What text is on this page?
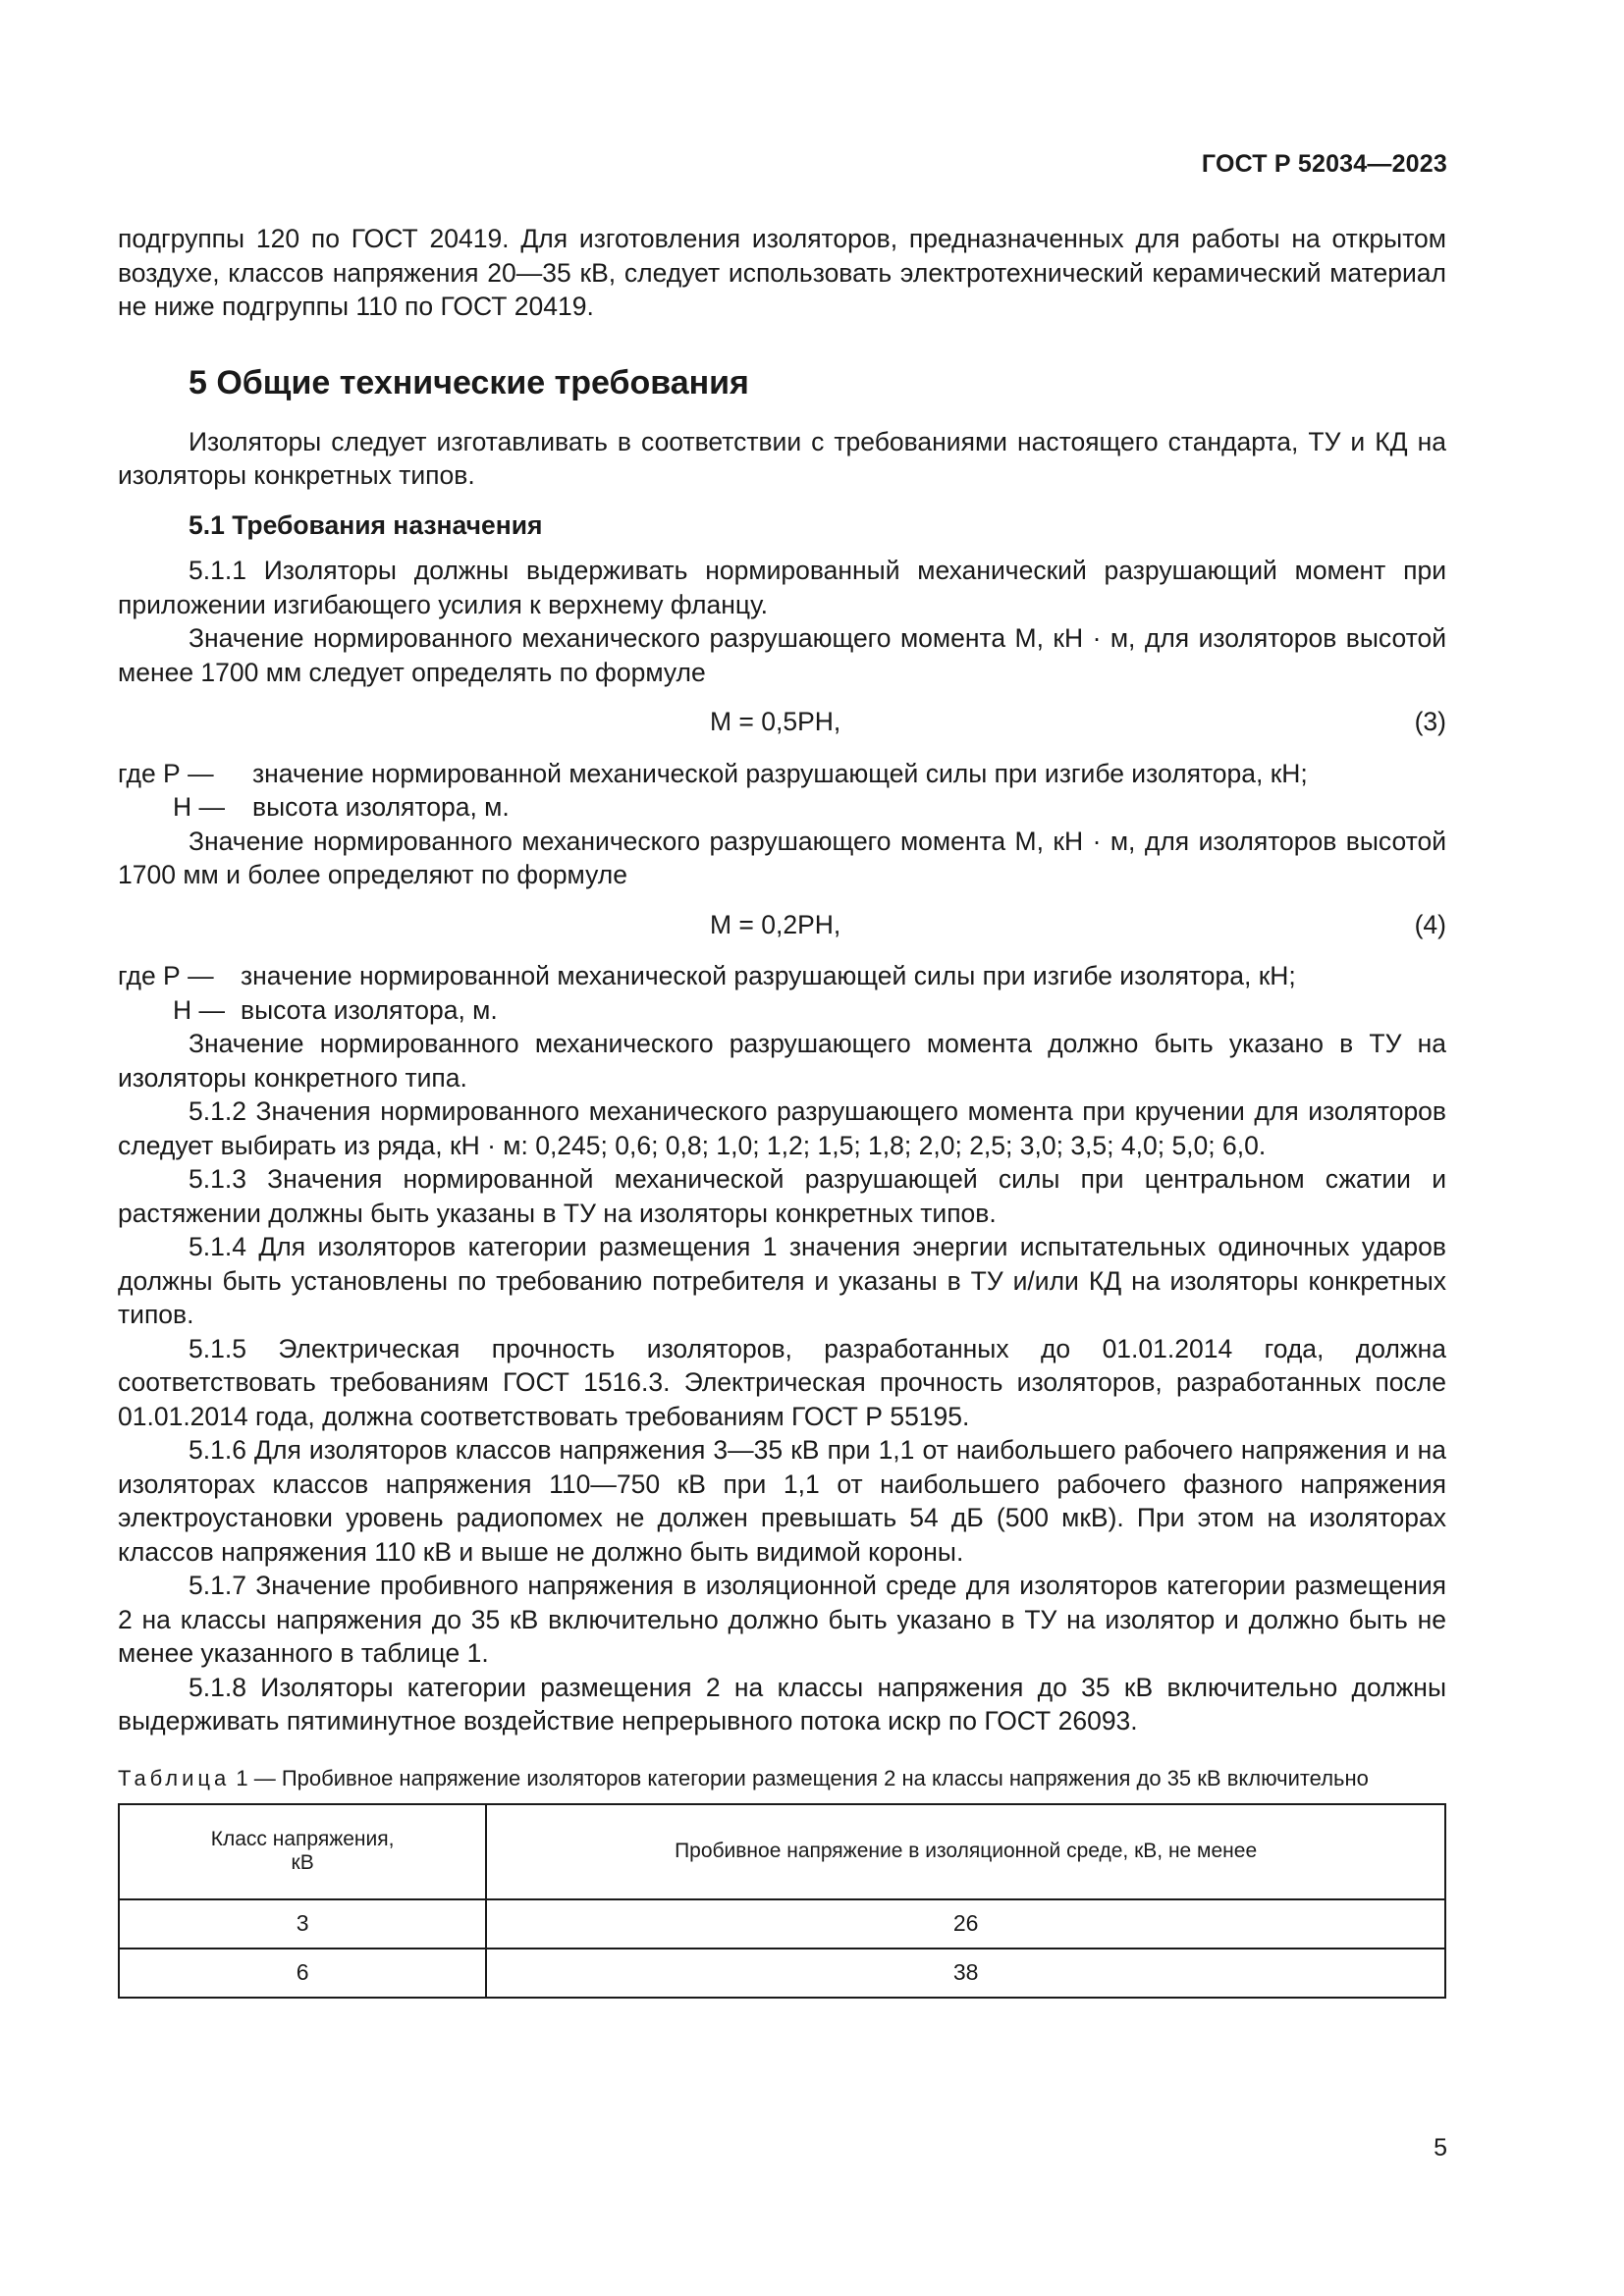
ГОСТ Р 52034—2023

подгруппы 120 по ГОСТ 20419. Для изготовления изоляторов, предназначенных для работы на открытом воздухе, классов напряжения 20—35 кВ, следует использовать электротехнический керамический материал не ниже подгруппы 110 по ГОСТ 20419.

5 Общие технические требования

Изоляторы следует изготавливать в соответствии с требованиями настоящего стандарта, ТУ и КД на изоляторы конкретных типов.

5.1 Требования назначения

5.1.1 Изоляторы должны выдерживать нормированный механический разрушающий момент при приложении изгибающего усилия к верхнему фланцу.

Значение нормированного механического разрушающего момента М, кН · м, для изоляторов высотой менее 1700 мм следует определять по формуле

М = 0,5РН,	(3)
где Р —	значение нормированной механической разрушающей силы при изгибе изолятора, кН;
Н —	высота изолятора, м.

Значение нормированного механического разрушающего момента М, кН · м, для изоляторов высотой 1700 мм и более определяют по формуле

М = 0,2РН,	(4)
где Р —	значение нормированной механической разрушающей силы при изгибе изолятора, кН;
Н — высота изолятора, м.

Значение нормированного механического разрушающего момента должно быть указано в ТУ на изоляторы конкретного типа.

5.1.2 Значения нормированного механического разрушающего момента при кручении для изоляторов следует выбирать из ряда, кН · м: 0,245; 0,6; 0,8; 1,0; 1,2; 1,5; 1,8; 2,0; 2,5; 3,0; 3,5; 4,0; 5,0; 6,0.

5.1.3 Значения нормированной механической разрушающей силы при центральном сжатии и растяжении должны быть указаны в ТУ на изоляторы конкретных типов.

5.1.4 Для изоляторов категории размещения 1 значения энергии испытательных одиночных ударов должны быть установлены по требованию потребителя и указаны в ТУ и/или КД на изоляторы конкретных типов.

5.1.5 Электрическая прочность изоляторов, разработанных до 01.01.2014 года, должна соответствовать требованиям ГОСТ 1516.3. Электрическая прочность изоляторов, разработанных после 01.01.2014 года, должна соответствовать требованиям ГОСТ Р 55195.

5.1.6 Для изоляторов классов напряжения 3—35 кВ при 1,1 от наибольшего рабочего напряжения и на изоляторах классов напряжения 110—750 кВ при 1,1 от наибольшего рабочего фазного напряжения электроустановки уровень радиопомех не должен превышать 54 дБ (500 мкВ). При этом на изоляторах классов напряжения 110 кВ и выше не должно быть видимой короны.

5.1.7 Значение пробивного напряжения в изоляционной среде для изоляторов категории размещения 2 на классы напряжения до 35 кВ включительно должно быть указано в ТУ на изолятор и должно быть не менее указанного в таблице 1.

5.1.8 Изоляторы категории размещения 2 на классы напряжения до 35 кВ включительно должны выдерживать пятиминутное воздействие непрерывного потока искр по ГОСТ 26093.

Таблица 1 — Пробивное напряжение изоляторов категории размещения 2 на классы напряжения до 35 кВ включительно
Класс напряжения,
кВ	Пробивное напряжение в изоляционной среде, кВ, не менее
3	26
6	38
5
